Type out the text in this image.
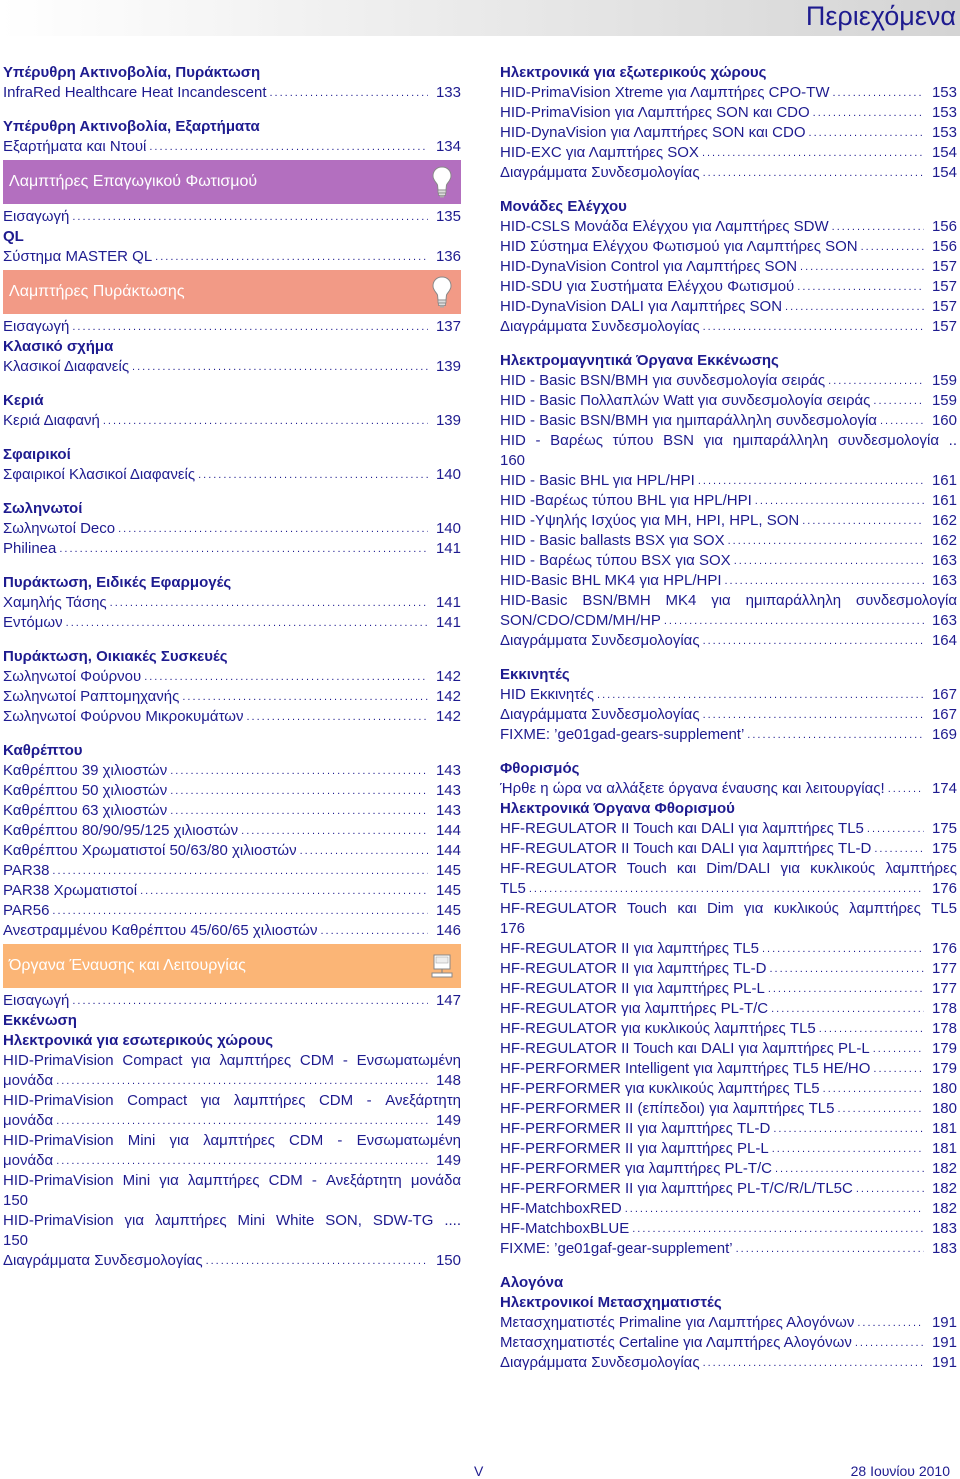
Περιεχόμενα
Υπέρυθρη Ακτινοβολία, Πυράκτωση
InfraRed Healthcare Heat Incandescent .....	133
Υπέρυθρη Ακτινοβολία, Εξαρτήματα
Εξαρτήματα και Ντουί .....	134
Λαμπτήρες Επαγωγικού Φωτισμού
Εισαγωγή .....	135
QL
Σύστημα MASTER QL .....	136
Λαμπτήρες Πυράκτωσης
Εισαγωγή .....	137
Κλασικό σχήμα
Κλασικοί Διαφανείς .....	139
Κεριά
Κεριά Διαφανή .....	139
Σφαιρικοί
Σφαιρικοί Κλασικοί Διαφανείς .....	140
Σωληνωτοί
Σωληνωτοί Deco .....	140
Philinea .....	141
Πυράκτωση, Ειδικές Εφαρμογές
Χαμηλής Τάσης .....	141
Εντόμων .....	141
Πυράκτωση, Οικιακές Συσκευές
Σωληνωτοί Φούρνου .....	142
Σωληνωτοί Ραπτομηχανής .....	142
Σωληνωτοί Φούρνου Μικροκυμάτων .....	142
Καθρέπτου
Καθρέπτου 39 χιλιοστών .....	143
Καθρέπτου 50 χιλιοστών .....	143
Καθρέπτου 63 χιλιοστών .....	143
Καθρέπτου 80/90/95/125 χιλιοστών .....	144
Καθρέπτου Χρωματιστοί 50/63/80 χιλιοστών .....	144
PAR38 .....	145
PAR38 Χρωματιστοί .....	145
PAR56 .....	145
Ανεστραμμένου Καθρέπτου 45/60/65 χιλιοστών .....	146
Όργανα Έναυσης και Λειτουργίας
Εισαγωγή .....	147
Εκκένωση
Ηλεκτρονικά για εσωτερικούς χώρους
HID-PrimaVision Compact για λαμπτήρες CDM - Ενσωματωμένη
μονάδα .....	148
HID-PrimaVision Compact για λαμπτήρες CDM - Ανεξάρτητη
μονάδα .....	149
HID-PrimaVision Mini για λαμπτήρες CDM - Ενσωματωμένη
μονάδα .....	149
HID-PrimaVision Mini για λαμπτήρες CDM - Ανεξάρτητη μονάδα
150
HID-PrimaVision για λαμπτήρες Mini White SON, SDW-TG ....
150
Διαγράμματα Συνδεσμολογίας .....	150
Ηλεκτρονικά για εξωτερικούς χώρους
HID-PrimaVision Xtreme για Λαμπτήρες CPO-TW .....	153
HID-PrimaVision για Λαμπτήρες SON και CDO .....	153
HID-DynaVision για Λαμπτήρες SON και CDO .....	153
HID-EXC για Λαμπτήρες SOX .....	154
Διαγράμματα Συνδεσμολογίας .....	154
Μονάδες Ελέγχου
HID-CSLS Μονάδα Ελέγχου για Λαμπτήρες SDW .....	156
HID Σύστημα Ελέγχου Φωτισμού για Λαμπτήρες SON .....	156
HID-DynaVision Control για Λαμπτήρες SON .....	157
HID-SDU για Συστήματα Ελέγχου Φωτισμού .....	157
HID-DynaVision DALI για Λαμπτήρες SON .....	157
Διαγράμματα Συνδεσμολογίας .....	157
Ηλεκτρομαγνητικά Όργανα Εκκένωσης
HID - Basic BSN/BMH για συνδεσμολογία σειράς .....	159
HID - Basic Πολλαπλών Watt για συνδεσμολογία σειράς .....	159
HID - Basic BSN/BMH για ημιπαράλληλη συνδεσμολογία .....	160
HID - Βαρέως τύπου BSN για ημιπαράλληλη συνδεσμολογία ..
160
HID - Basic BHL για HPL/HPI .....	161
HID -Βαρέως τύπου BHL για HPL/HPI .....	161
HID -Υψηλής Ισχύος για MH, HPI, HPL, SON .....	162
HID - Basic ballasts BSX για SOX .....	162
HID - Βαρέως τύπου BSX για SOX .....	163
HID-Basic BHL MK4 για HPL/HPI .....	163
HID-Basic BSN/BMH MK4 για ημιπαράλληλη συνδεσμολογία
SON/CDO/CDM/MH/HP .....	163
Διαγράμματα Συνδεσμολογίας .....	164
Εκκινητές
HID Εκκινητές .....	167
Διαγράμματα Συνδεσμολογίας .....	167
FIXME: ’ge01gad-gears-supplement’ .....	169
Φθορισμός
Ήρθε η ώρα να αλλάξετε όργανα έναυσης και λειτουργίας! .....	174
Ηλεκτρονικά Όργανα Φθορισμού
HF-REGULATOR II Touch και DALI για λαμπτήρες TL5 .....	175
HF-REGULATOR II Touch και DALI για λαμπτήρες TL-D .....	175
HF-REGULATOR Touch και Dim/DALI για κυκλικούς λαμπτήρες
TL5 .....	176
HF-REGULATOR Touch και Dim για κυκλικούς λαμπτήρες TL5
176
HF-REGULATOR II για λαμπτήρες TL5 .....	176
HF-REGULATOR II για λαμπτήρες TL-D .....	177
HF-REGULATOR II για λαμπτήρες PL-L .....	177
HF-REGULATOR για λαμπτήρες PL-T/C .....	178
HF-REGULATOR για κυκλικούς λαμπτήρες TL5 .....	178
HF-REGULATOR II Touch και DALI για λαμπτήρες PL-L .....	179
HF-PERFORMER Intelligent για λαμπτήρες TL5 HE/HO .....	179
HF-PERFORMER για κυκλικούς λαμπτήρες TL5 .....	180
HF-PERFORMER II (επίπεδοι) για λαμπτήρες TL5 .....	180
HF-PERFORMER II για λαμπτήρες TL-D .....	181
HF-PERFORMER II για λαμπτήρες PL-L .....	181
HF-PERFORMER για λαμπτήρες PL-T/C .....	182
HF-PERFORMER II για λαμπτήρες PL-T/C/R/L/TL5C .....	182
HF-MatchboxRED .....	182
HF-MatchboxBLUE .....	183
FIXME: ’ge01gaf-gear-supplement’ .....	183
Αλογόνα
Ηλεκτρονικοί Μετασχηματιστές
Μετασχηματιστές Primaline για Λαμπτήρες Αλογόνων .....	191
Μετασχηματιστές Certaline για Λαμπτήρες Αλογόνων .....	191
Διαγράμματα Συνδεσμολογίας .....	191
V	28 Ιουνίου 2010
